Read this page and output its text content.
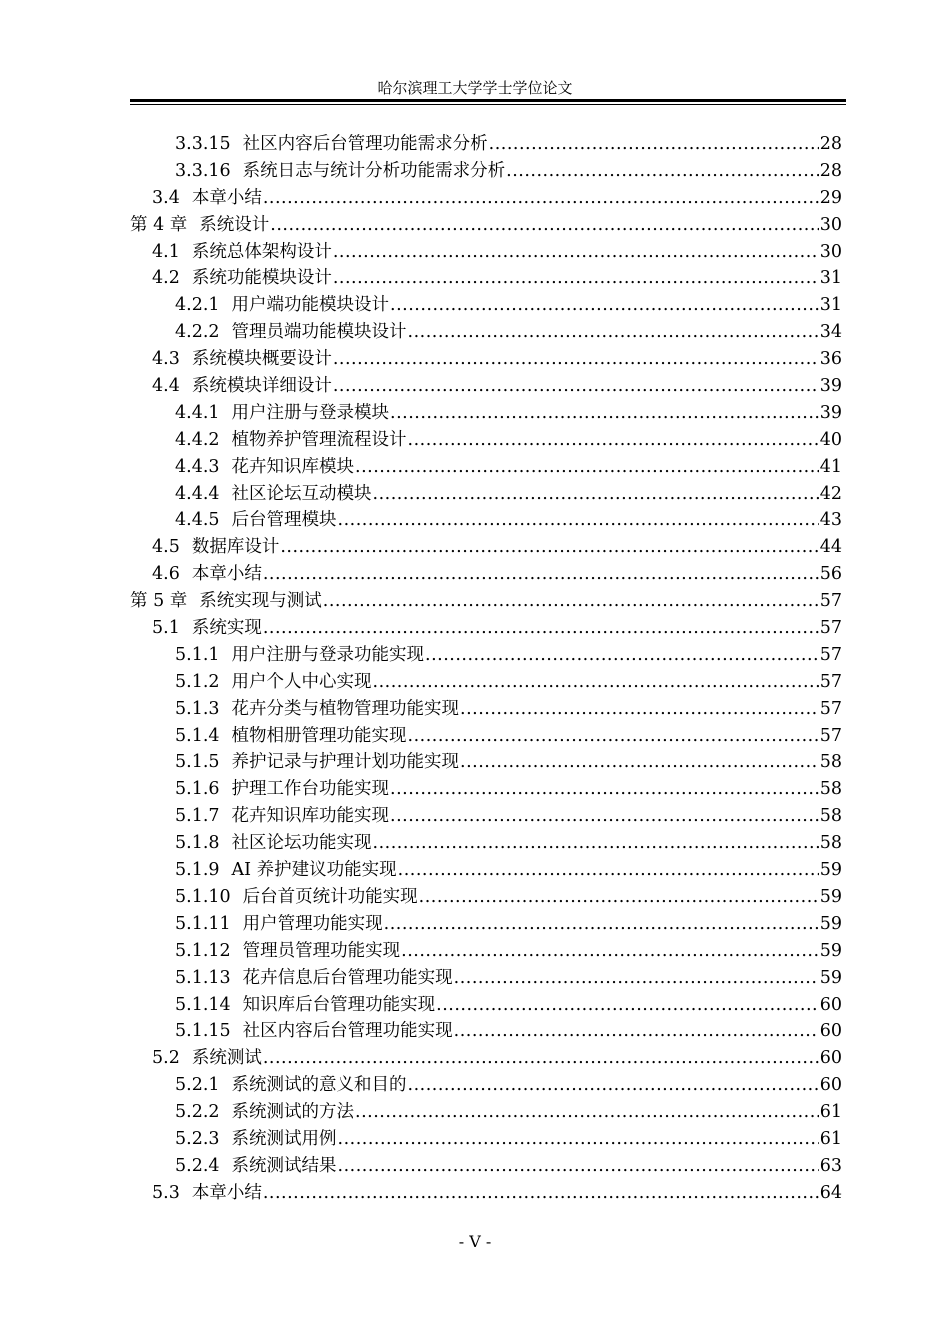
哈尔滨理工大学学士学位论文
3.3.15 社区内容后台管理功能需求分析 .....	28
3.3.16 系统日志与统计分析功能需求分析 .....	28
3.4 本章小结 .....	29
第 4 章 系统设计 .....	30
4.1 系统总体架构设计 .....	30
4.2 系统功能模块设计 .....	31
4.2.1 用户端功能模块设计 .....	31
4.2.2 管理员端功能模块设计 .....	34
4.3 系统模块概要设计 .....	36
4.4 系统模块详细设计 .....	39
4.4.1 用户注册与登录模块 .....	39
4.4.2 植物养护管理流程设计 .....	40
4.4.3 花卉知识库模块 .....	41
4.4.4 社区论坛互动模块 .....	42
4.4.5 后台管理模块 .....	43
4.5 数据库设计 .....	44
4.6 本章小结 .....	56
第 5 章 系统实现与测试 .....	57
5.1 系统实现 .....	57
5.1.1 用户注册与登录功能实现 .....	57
5.1.2 用户个人中心实现 .....	57
5.1.3 花卉分类与植物管理功能实现 .....	57
5.1.4 植物相册管理功能实现 .....	57
5.1.5 养护记录与护理计划功能实现 .....	58
5.1.6 护理工作台功能实现 .....	58
5.1.7 花卉知识库功能实现 .....	58
5.1.8 社区论坛功能实现 .....	58
5.1.9 AI 养护建议功能实现 .....	59
5.1.10 后台首页统计功能实现 .....	59
5.1.11 用户管理功能实现 .....	59
5.1.12 管理员管理功能实现 .....	59
5.1.13 花卉信息后台管理功能实现 .....	59
5.1.14 知识库后台管理功能实现 .....	60
5.1.15 社区内容后台管理功能实现 .....	60
5.2 系统测试 .....	60
5.2.1 系统测试的意义和目的 .....	60
5.2.2 系统测试的方法 .....	61
5.2.3 系统测试用例 .....	61
5.2.4 系统测试结果 .....	63
5.3 本章小结 .....	64
- V -
